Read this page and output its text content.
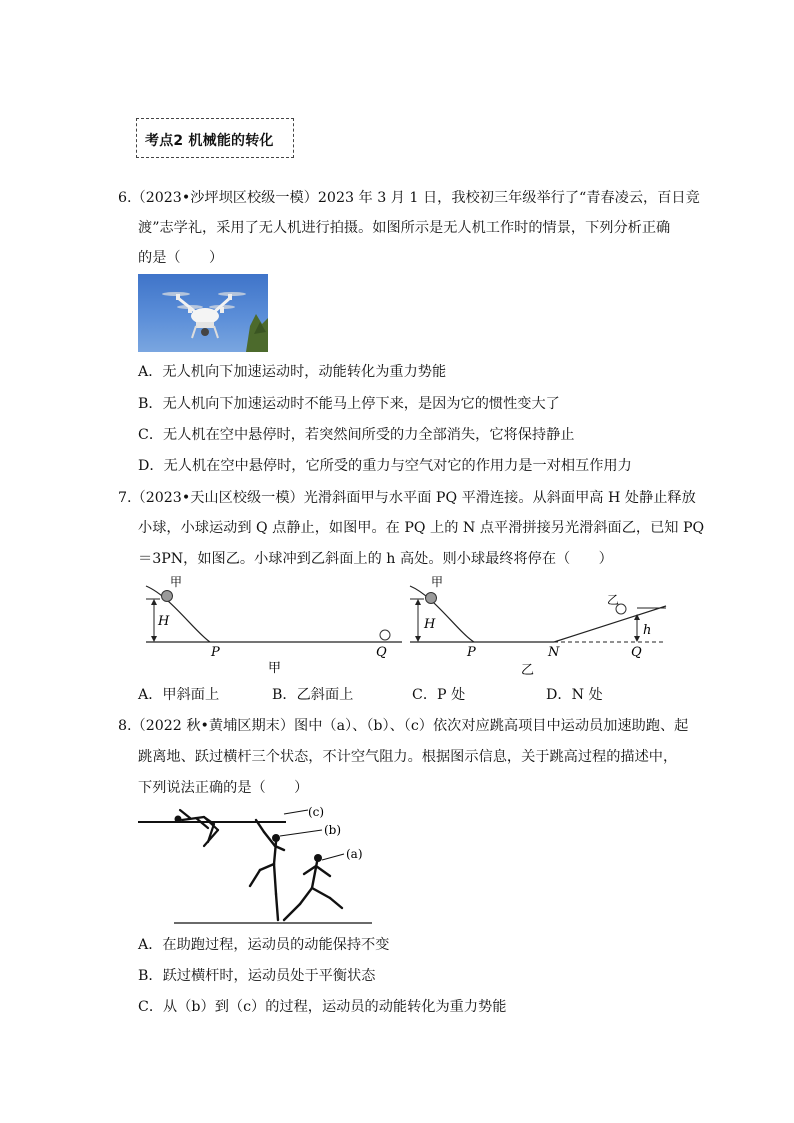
考点2 机械能的转化
6.（2023•沙坪坝区校级一模）2023 年 3 月 1 日，我校初三年级举行了“青春凌云，百日竞
渡”志学礼，采用了无人机进行拍摄。如图所示是无人机工作时的情景，下列分析正确
的是（　　）
A．无人机向下加速运动时，动能转化为重力势能
B．无人机向下加速运动时不能马上停下来，是因为它的惯性变大了
C．无人机在空中悬停时，若突然间所受的力全部消失，它将保持静止
D．无人机在空中悬停时，它所受的重力与空气对它的作用力是一对相互作用力
7.（2023•天山区校级一模）光滑斜面甲与水平面 PQ 平滑连接。从斜面甲高 H 处静止释放
小球，小球运动到 Q 点静止，如图甲。在 PQ 上的 N 点平滑拼接另光滑斜面乙，已知 PQ
＝3PN，如图乙。小球冲到乙斜面上的 h 高处。则小球最终将停在（　　）
甲
H
P	Q
甲
甲
乙
H	h
P	N	Q
乙
A．甲斜面上	B．乙斜面上	C．P 处	D．N 处
8.（2022 秋•黄埔区期末）图中（a）、（b）、（c）依次对应跳高项目中运动员加速助跑、起
跳离地、跃过横杆三个状态，不计空气阻力。根据图示信息，关于跳高过程的描述中，
下列说法正确的是（　　）
(c)
(b)
(a)
A．在助跑过程，运动员的动能保持不变
B．跃过横杆时，运动员处于平衡状态
C．从（b）到（c）的过程，运动员的动能转化为重力势能
